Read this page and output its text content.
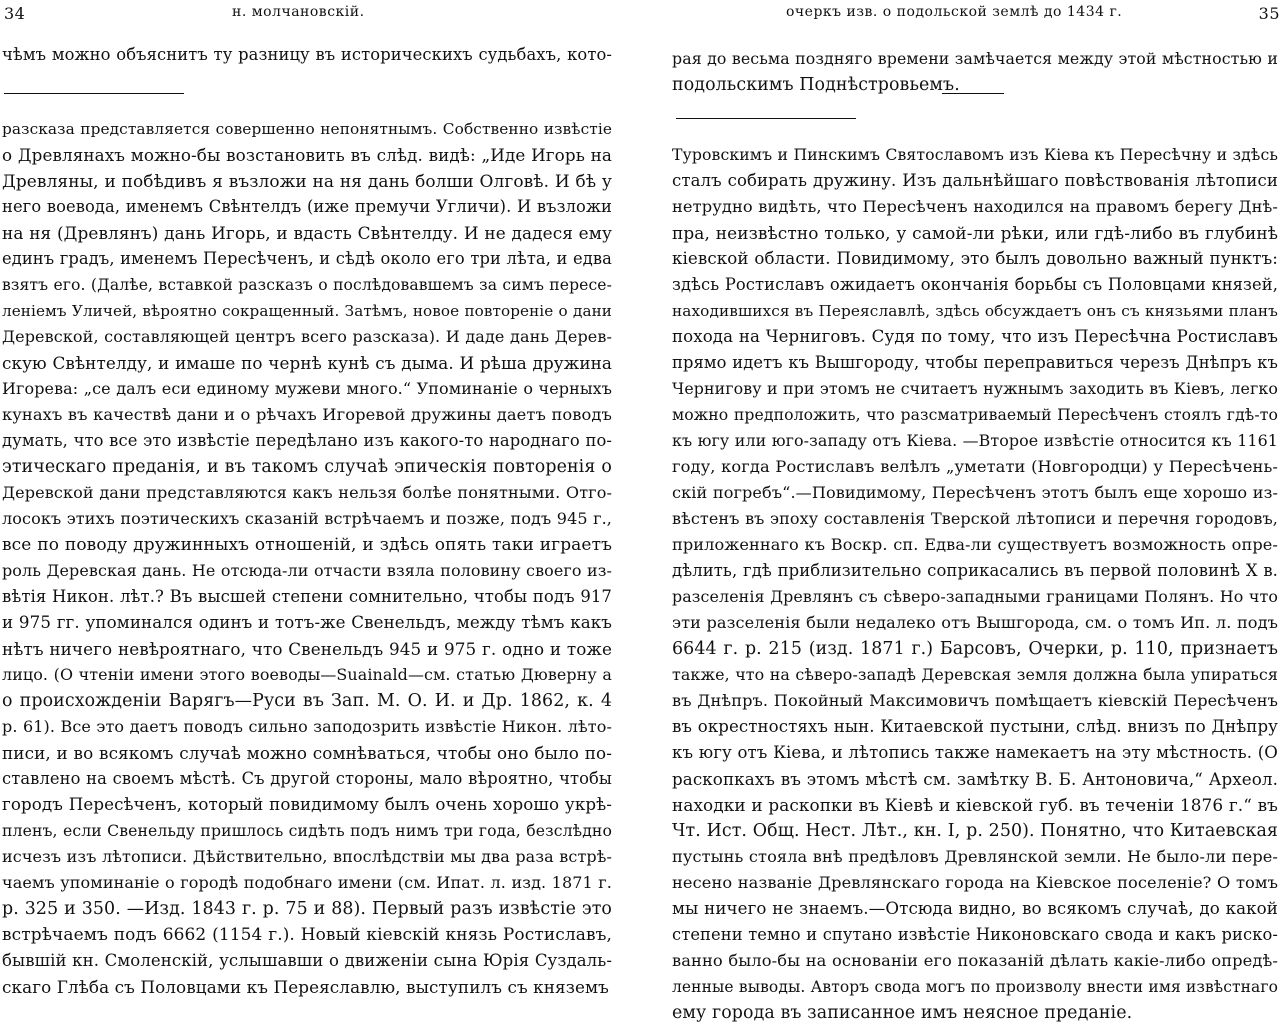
34	н. молчановскій.
чѣмъ можно объяснитъ ту разницу въ историческихъ судьбахъ, кото-
разсказа представляется совершенно непонятнымъ. Собственно извѣстіе
о Древлянахъ можно-бы возстановить въ слѣд. видѣ: „Иде Игорь на
Древляны, и побѣдивъ я възложи на ня дань болши Олговѣ. И бѣ у
него воевода, именемъ Свѣнтелдъ (иже премучи Угличи). И възложи
на ня (Древлянъ) дань Игорь, и вдасть Свѣнтелду. И не дадеся ему
единъ градъ, именемъ Пересѣченъ, и сѣдѣ около его три лѣта, и едва
взятъ его. (Далѣе, вставкой разсказъ о послѣдовавшемъ за симъ пересе-
леніемъ Уличей, вѣроятно сокращенный. Затѣмъ, новое повтореніе о дани
Деревской, составляющей центръ всего разсказа). И даде дань Дерев-
скую Свѣнтелду, и имаше по чернѣ кунѣ съ дыма. И рѣша дружина
Игорева: „се далъ еси единому мужеви много.“ Упоминаніе о черныхъ
кунахъ въ качествѣ дани и о рѣчахъ Игоревой дружины даетъ поводъ
думать, что все это извѣстіе передѣлано изъ какого-то народнаго по-
этическаго преданія, и въ такомъ случаѣ эпическія повторенія о
Деревской дани представляются какъ нельзя болѣе понятными. Отго-
лосокъ этихъ поэтическихъ сказаній встрѣчаемъ и позже, подъ 945 г.,
все по поводу дружинныхъ отношеній, и здѣсь опять таки играетъ
роль Деревская дань. Не отсюда-ли отчасти взяла половину своего из-
вѣтія Никон. лѣт.? Въ высшей степени сомнительно, чтобы подъ 917
и 975 гг. упоминался одинъ и тотъ-же Свенельдъ, между тѣмъ какъ
нѣтъ ничего невѣроятнаго, что Свенельдъ 945 и 975 г. одно и тоже
лицо. (О чтеніи имени этого воеводы—Suainald—см. статью Дюверну а
о происхожденіи Варягъ—Руси въ Зап. М. О. И. и Др. 1862, к. 4
р. 61). Все это даетъ поводъ сильно заподозрить извѣстіе Никон. лѣто-
писи, и во всякомъ случаѣ можно сомнѣваться, чтобы оно было по-
ставлено на своемъ мѣстѣ. Съ другой стороны, мало вѣроятно, чтобы
городъ Пересѣченъ, который повидимому былъ очень хорошо укрѣ-
пленъ, если Свенельду пришлось сидѣть подъ нимъ три года, безслѣдно
исчезъ изъ лѣтописи. Дѣйствительно, впослѣдствіи мы два раза встрѣ-
чаемъ упоминаніе о городѣ подобнаго имени (см. Ипат. л. изд. 1871 г.
р. 325 и 350. —Изд. 1843 г. р. 75 и 88). Первый разъ извѣстіе это
встрѣчаемъ подъ 6662 (1154 г.). Новый кіевскій князь Ростиславъ,
бывшій кн. Смоленскій, услышавши о движеніи сына Юрія Суздаль-
скаго Глѣба съ Половцами къ Переяславлю, выступилъ съ княземъ
очеркъ изв. о подольской землѣ до 1434 г.	35
рая до весьма поздняго времени замѣчается между этой мѣстностью и
подольскимъ Поднѣстровьемъ.
Туровскимъ и Пинскимъ Святославомъ изъ Кіева къ Пересѣчну и здѣсь
сталъ собирать дружину. Изъ дальнѣйшаго повѣствованія лѣтописи
нетрудно видѣть, что Пересѣченъ находился на правомъ берегу Днѣ-
пра, неизвѣстно только, у самой-ли рѣки, или гдѣ-либо въ глубинѣ
кіевской области. Повидимому, это былъ довольно важный пунктъ:
здѣсь Ростиславъ ожидаетъ окончанія борьбы съ Половцами князей,
находившихся въ Переяславлѣ, здѣсь обсуждаетъ онъ съ князьями планъ
похода на Черниговъ. Судя по тому, что изъ Пересѣчна Ростиславъ
прямо идетъ къ Вышгороду, чтобы переправиться черезъ Днѣпръ къ
Чернигову и при этомъ не считаетъ нужнымъ заходить въ Кіевъ, легко
можно предположить, что разсматриваемый Пересѣченъ стоялъ гдѣ-то
къ югу или юго-западу отъ Кіева. —Второе извѣстіе относится къ 1161
году, когда Ростиславъ велѣлъ „уметати (Новгородци) у Пересѣчень-
скій погребъ“.—Повидимому, Пересѣченъ этотъ былъ еще хорошо из-
вѣстенъ въ эпоху составленія Тверской лѣтописи и перечня городовъ,
приложеннаго къ Воскр. сп. Едва-ли существуетъ возможность опре-
дѣлить, гдѣ приблизительно соприкасались въ первой половинѣ X в.
разселенія Древлянъ съ сѣверо-западными границами Полянъ. Но что
эти разселенія были недалеко отъ Вышгорода, см. о томъ Ип. л. подъ
6644 г. р. 215 (изд. 1871 г.) Барсовъ, Очерки, р. 110, признаетъ
также, что на сѣверо-западѣ Деревская земля должна была упираться
въ Днѣпръ. Покойный Максимовичъ помѣщаетъ кіевскій Пересѣченъ
въ окрестностяхъ нын. Китаевской пустыни, слѣд. внизъ по Днѣпру
къ югу отъ Кіева, и лѣтопись также намекаетъ на эту мѣстность. (О
раскопкахъ въ этомъ мѣстѣ см. замѣтку В. Б. Антоновича,“ Археол.
находки и раскопки въ Кіевѣ и кіевской губ. въ теченіи 1876 г.“ въ
Чт. Ист. Общ. Нест. Лѣт., кн. I, р. 250). Понятно, что Китаевская
пустынь стояла внѣ предѣловъ Древлянской земли. Не было-ли пере-
несено названіе Древлянскаго города на Кіевское поселеніе? О томъ
мы ничего не знаемъ.—Отсюда видно, во всякомъ случаѣ, до какой
степени темно и спутано извѣстіе Никоновскаго свода и какъ риско-
ванно было-бы на основаніи его показаній дѣлать какіе-либо опредѣ-
ленные выводы. Авторъ свода могъ по произволу внести имя извѣстнаго
ему города въ записанное имъ неясное преданіе.
